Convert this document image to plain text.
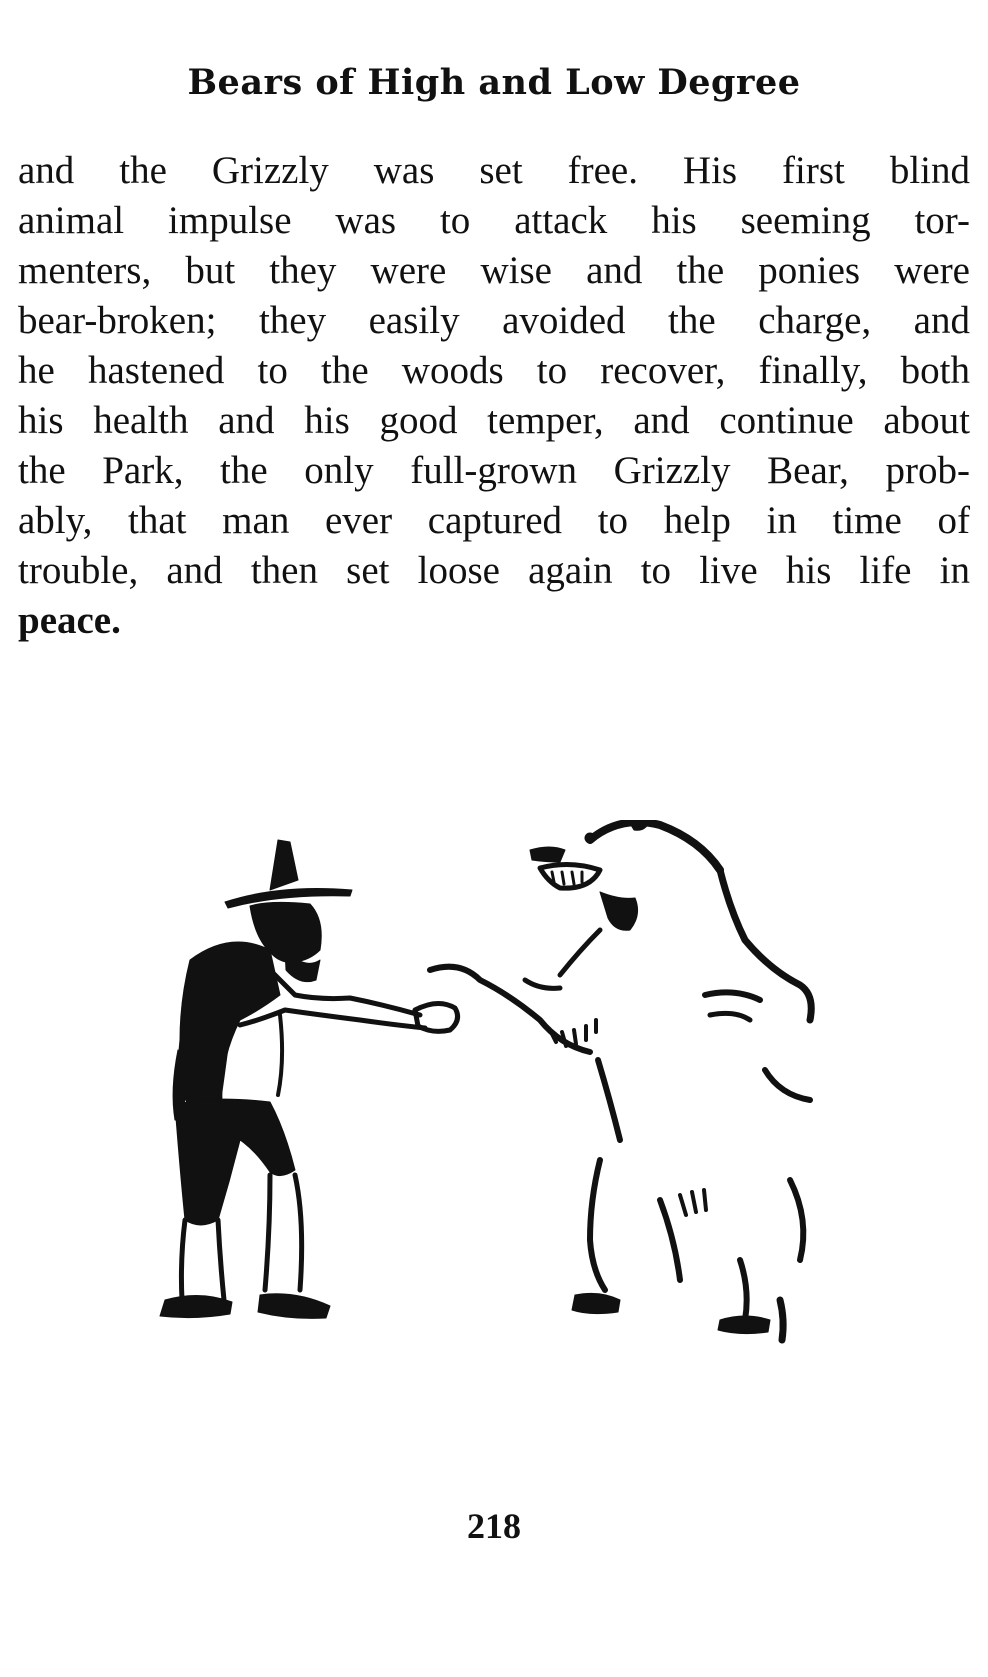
Bears of High and Low Degree
and the Grizzly was set free. His first blind
animal impulse was to attack his seeming tor-
menters, but they were wise and the ponies were
bear-broken; they easily avoided the charge, and
he hastened to the woods to recover, finally, both
his health and his good temper, and continue about
the Park, the only full-grown Grizzly Bear, prob-
ably, that man ever captured to help in time of
trouble, and then set loose again to live his life in
peace.
218
